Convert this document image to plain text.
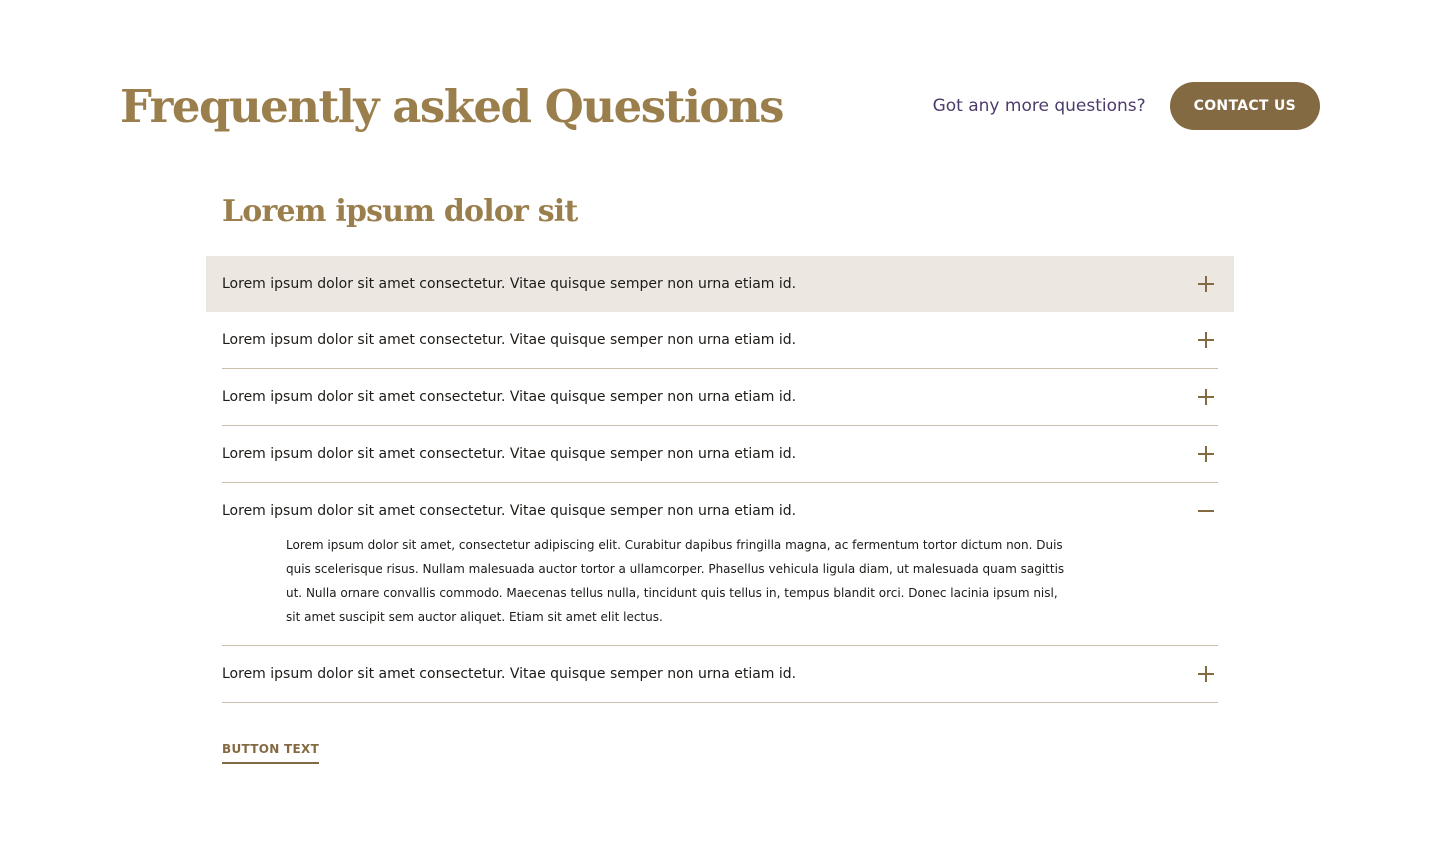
Frequently asked Questions	Got any more questions?	CONTACT US
Lorem ipsum dolor sit
Lorem ipsum dolor sit amet consectetur. Vitae quisque semper non urna etiam id.
Lorem ipsum dolor sit amet consectetur. Vitae quisque semper non urna etiam id.
Lorem ipsum dolor sit amet consectetur. Vitae quisque semper non urna etiam id.
Lorem ipsum dolor sit amet consectetur. Vitae quisque semper non urna etiam id.
Lorem ipsum dolor sit amet consectetur. Vitae quisque semper non urna etiam id.

Lorem ipsum dolor sit amet, consectetur adipiscing elit. Curabitur dapibus fringilla magna, ac fermentum tortor dictum non. Duis quis scelerisque risus. Nullam malesuada auctor tortor a ullamcorper. Phasellus vehicula ligula diam, ut malesuada quam sagittis ut. Nulla ornare convallis commodo. Maecenas tellus nulla, tincidunt quis tellus in, tempus blandit orci. Donec lacinia ipsum nisl, sit amet suscipit sem auctor aliquet. Etiam sit amet elit lectus.

Lorem ipsum dolor sit amet consectetur. Vitae quisque semper non urna etiam id.
BUTTON TEXT
